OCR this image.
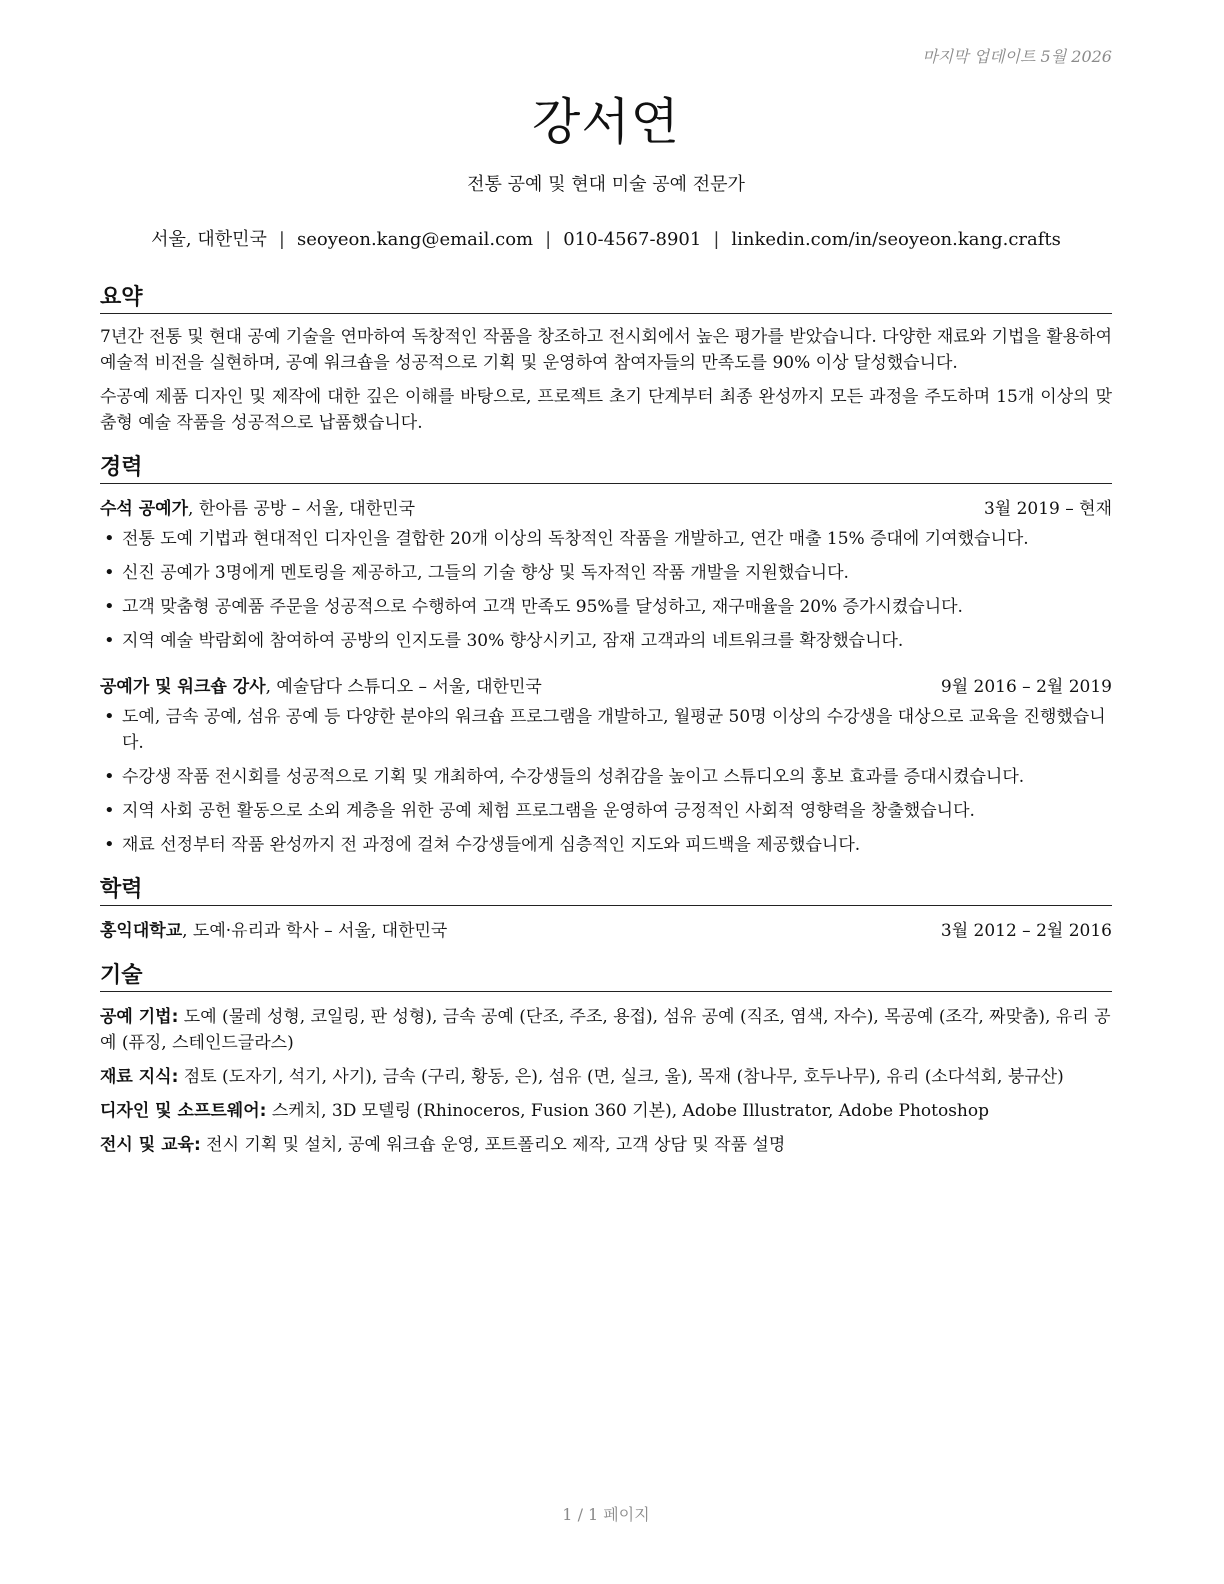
마지막 업데이트 5월 2026
강서연
전통 공예 및 현대 미술 공예 전문가
서울, 대한민국 | seoyeon.kang@email.com | 010-4567-8901 | linkedin.com/in/seoyeon.kang.crafts
요약

7년간 전통 및 현대 공예 기술을 연마하여 독창적인 작품을 창조하고 전시회에서 높은 평가를 받았습니다. 다양한 재료와 기법을 활용하여 예술적 비전을 실현하며, 공예 워크숍을 성공적으로 기획 및 운영하여 참여자들의 만족도를 90% 이상 달성했습니다.

수공예 제품 디자인 및 제작에 대한 깊은 이해를 바탕으로, 프로젝트 초기 단계부터 최종 완성까지 모든 과정을 주도하며 15개 이상의 맞춤형 예술 작품을 성공적으로 납품했습니다.

경력
수석 공예가, 한아름 공방 – 서울, 대한민국	3월 2019 – 현재
• 전통 도예 기법과 현대적인 디자인을 결합한 20개 이상의 독창적인 작품을 개발하고, 연간 매출 15% 증대에 기여했습니다.
• 신진 공예가 3명에게 멘토링을 제공하고, 그들의 기술 향상 및 독자적인 작품 개발을 지원했습니다.
• 고객 맞춤형 공예품 주문을 성공적으로 수행하여 고객 만족도 95%를 달성하고, 재구매율을 20% 증가시켰습니다.
• 지역 예술 박람회에 참여하여 공방의 인지도를 30% 향상시키고, 잠재 고객과의 네트워크를 확장했습니다.
공예가 및 워크숍 강사, 예술담다 스튜디오 – 서울, 대한민국	9월 2016 – 2월 2019
• 도예, 금속 공예, 섬유 공예 등 다양한 분야의 워크숍 프로그램을 개발하고, 월평균 50명 이상의 수강생을 대상으로 교육을 진행했습니다.
• 수강생 작품 전시회를 성공적으로 기획 및 개최하여, 수강생들의 성취감을 높이고 스튜디오의 홍보 효과를 증대시켰습니다.
• 지역 사회 공헌 활동으로 소외 계층을 위한 공예 체험 프로그램을 운영하여 긍정적인 사회적 영향력을 창출했습니다.
• 재료 선정부터 작품 완성까지 전 과정에 걸쳐 수강생들에게 심층적인 지도와 피드백을 제공했습니다.
학력
홍익대학교, 도예·유리과 학사 – 서울, 대한민국	3월 2012 – 2월 2016
기술
공예 기법: 도예 (물레 성형, 코일링, 판 성형), 금속 공예 (단조, 주조, 용접), 섬유 공예 (직조, 염색, 자수), 목공예 (조각, 짜맞춤), 유리 공예 (퓨징, 스테인드글라스)
재료 지식: 점토 (도자기, 석기, 사기), 금속 (구리, 황동, 은), 섬유 (면, 실크, 울), 목재 (참나무, 호두나무), 유리 (소다석회, 붕규산)
디자인 및 소프트웨어: 스케치, 3D 모델링 (Rhinoceros, Fusion 360 기본), Adobe Illustrator, Adobe Photoshop
전시 및 교육: 전시 기획 및 설치, 공예 워크숍 운영, 포트폴리오 제작, 고객 상담 및 작품 설명
1 / 1 페이지
